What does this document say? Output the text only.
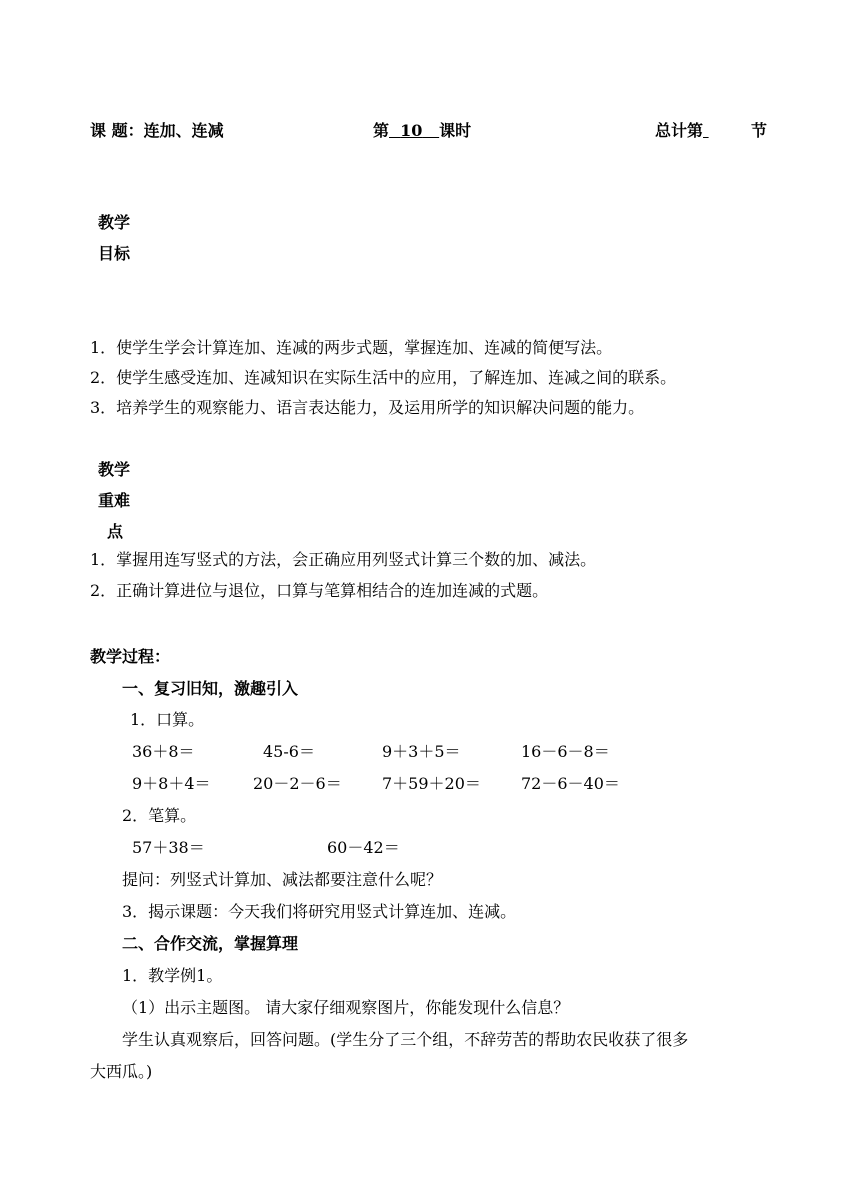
课 题：连加、连减	第 10 课时	总计第	节
教学
目标
1．使学生学会计算连加、连减的两步式题，掌握连加、连减的简便写法。
2．使学生感受连加、连减知识在实际生活中的应用，了解连加、连减之间的联系。
3．培养学生的观察能力、语言表达能力，及运用所学的知识解决问题的能力。
教学
重难
点
1．掌握用连写竖式的方法，会正确应用列竖式计算三个数的加、减法。
2．正确计算进位与退位，口算与笔算相结合的连加连减的式题。
教学过程：
一、复习旧知，激趣引入
1．口算。
36＋8＝	45-6＝	9＋3＋5＝	16－6－8＝
9＋8＋4＝	20－2－6＝	7＋59＋20＝	72－6－40＝
2．笔算。
57＋38＝	60－42＝
提问：列竖式计算加、减法都要注意什么呢？
3．揭示课题：今天我们将研究用竖式计算连加、连减。
二、合作交流，掌握算理
1．教学例1。
（1）出示主题图。 请大家仔细观察图片，你能发现什么信息？
学生认真观察后，回答问题。(学生分了三个组，不辞劳苦的帮助农民收获了很多
大西瓜。)
